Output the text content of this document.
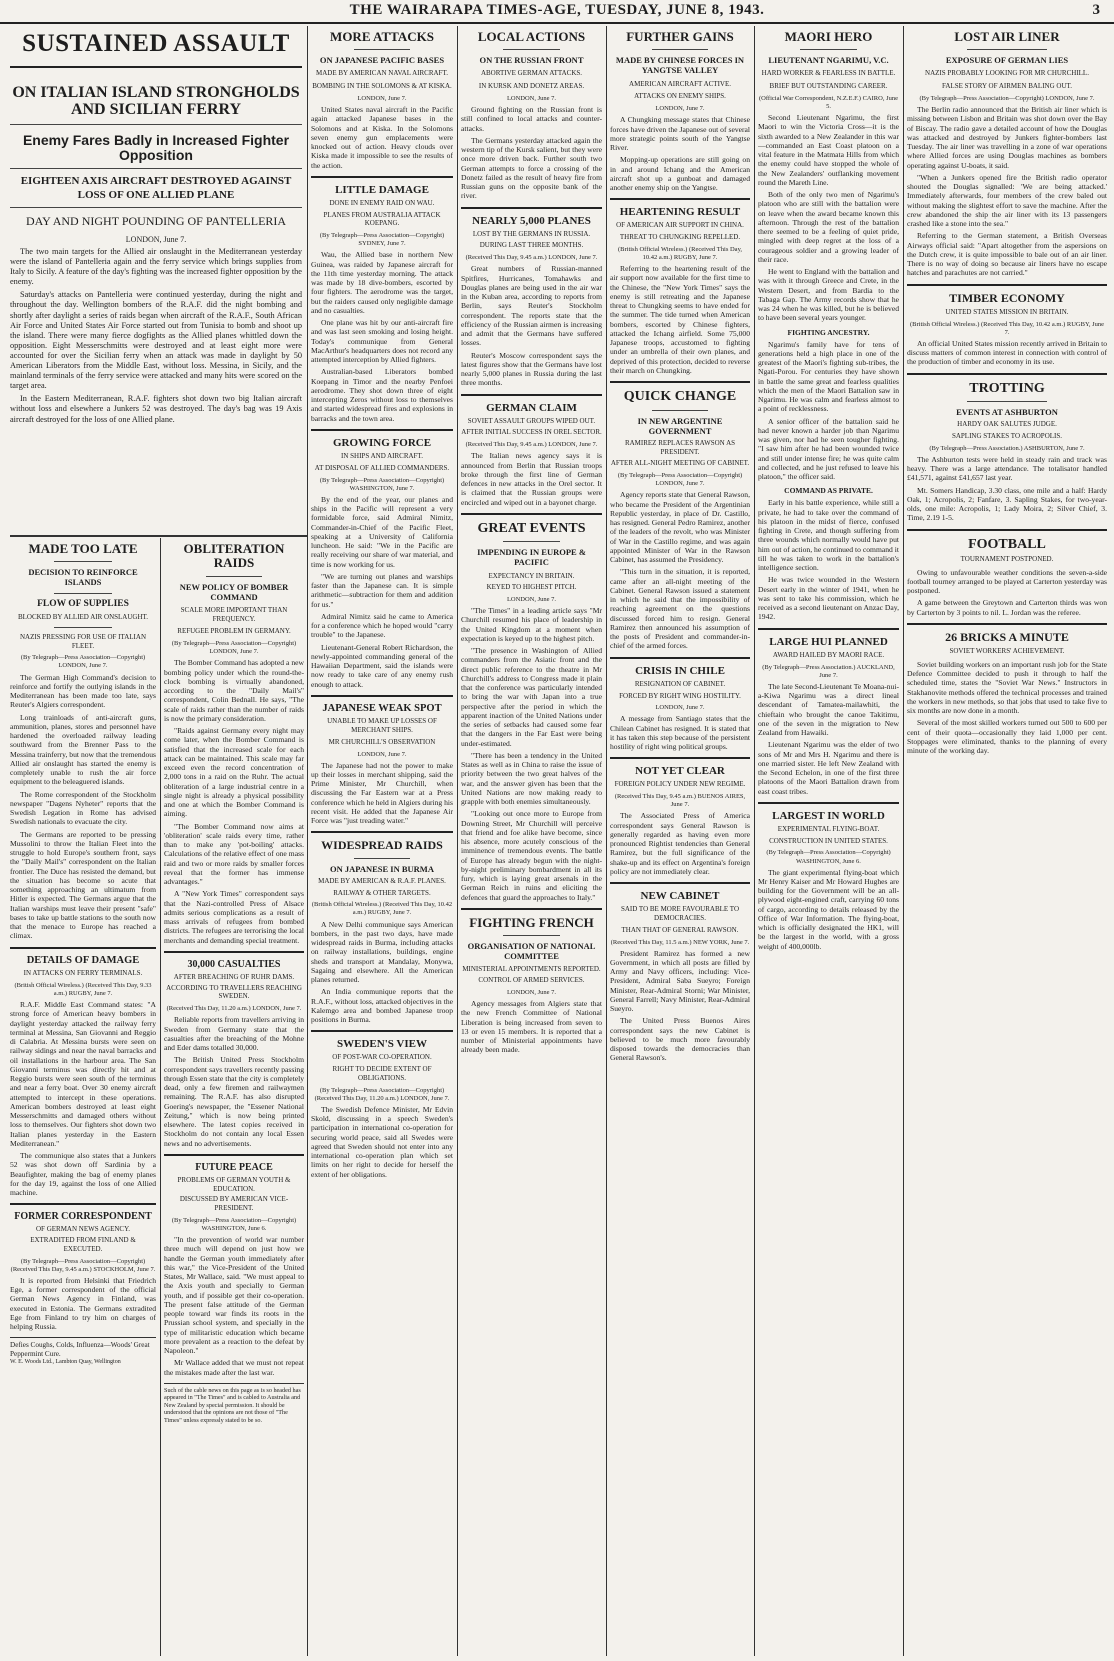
THE WAIRARAPA TIMES-AGE, TUESDAY, JUNE 8, 1943.	3
SUSTAINED ASSAULT
ON ITALIAN ISLAND STRONGHOLDS AND SICILIAN FERRY
Enemy Fares Badly in Increased Fighter Opposition
EIGHTEEN AXIS AIRCRAFT DESTROYED AGAINST LOSS OF ONE ALLIED PLANE
DAY AND NIGHT POUNDING OF PANTELLERIA
LONDON, June 7.

The two main targets for the Allied air onslaught in the Mediterranean yesterday were the island of Pantelleria again and the ferry service which brings supplies from Italy to Sicily. A feature of the day's fighting was the increased fighter opposition by the enemy.

Saturday's attacks on Pantelleria were continued yesterday, during the night and throughout the day. Wellington bombers of the R.A.F. did the night bombing and shortly after daylight a series of raids began when aircraft of the R.A.F., South African Air Force and United States Air Force started out from Tunisia to bomb and shoot up the island. There were many fierce dogfights as the Allied planes whittled down the opposition. Eight Messerschmitts were destroyed and at least eight more were accounted for over the Sicilian ferry when an attack was made in daylight by 50 American Liberators from the Middle East, without loss. Messina, in Sicily, and the mainland terminals of the ferry service were attacked and many hits were scored on the target area.

In the Eastern Mediterranean, R.A.F. fighters shot down two big Italian aircraft without loss and elsewhere a Junkers 52 was destroyed. The day's bag was 19 Axis aircraft destroyed for the loss of one Allied plane.

MADE TOO LATE
DECISION TO REINFORCE ISLANDS
FLOW OF SUPPLIES
BLOCKED BY ALLIED AIR ONSLAUGHT.
NAZIS PRESSING FOR USE OF ITALIAN FLEET.
(By Telegraph—Press Association—Copyright) LONDON, June 7.

The German High Command's decision to reinforce and fortify the outlying islands in the Mediterranean has been made too late, says Reuter's Algiers correspondent.

Long trainloads of anti-aircraft guns, ammunition, planes, stores and personnel have hardened the overloaded railway leading southward from the Brenner Pass to the Messina trainferry, but now that the tremendous Allied air onslaught has started the enemy is completely unable to rush the air force equipment to the beleaguered islands.

The Rome correspondent of the Stockholm newspaper "Dagens Nyheter" reports that the Swedish Legation in Rome has advised Swedish nationals to evacuate the city.

The Germans are reported to be pressing Mussolini to throw the Italian Fleet into the struggle to hold Europe's southern front, says the "Daily Mail's" correspondent on the Italian frontier. The Duce has resisted the demand, but the situation has become so acute that something approaching an ultimatum from Hitler is expected. The Germans argue that the Italian warships must leave their present "safe" bases to take up battle stations to the south now that the menace to Europe has reached a climax.

DETAILS OF DAMAGE
IN ATTACKS ON FERRY TERMINALS.
(British Official Wireless.) (Received This Day, 9.33 a.m.) RUGBY, June 7.

R.A.F. Middle East Command states: "A strong force of American heavy bombers in daylight yesterday attacked the railway ferry terminal at Messina, San Giovanni and Reggio di Calabria. At Messina bursts were seen on railway sidings and near the naval barracks and oil installations in the harbour area. The San Giovanni terminus was directly hit and at Reggio bursts were seen south of the terminus and near a ferry boat. Over 30 enemy aircraft attempted to intercept in these operations. American bombers destroyed at least eight Messerschmitts and damaged others without loss to themselves. Our fighters shot down two Italian planes yesterday in the Eastern Mediterranean."

The communique also states that a Junkers 52 was shot down off Sardinia by a Beaufighter, making the bag of enemy planes for the day 19, against the loss of one Allied machine.

FORMER CORRESPONDENT
OF GERMAN NEWS AGENCY.
EXTRADITED FROM FINLAND & EXECUTED.
(By Telegraph—Press Association—Copyright) (Received This Day, 9.45 a.m.) STOCKHOLM, June 7.

It is reported from Helsinki that Friedrich Ege, a former correspondent of the official German News Agency in Finland, was executed in Estonia. The Germans extradited Ege from Finland to try him on charges of helping Russia.

Defies Coughs, Colds, Influenza—Woods' Great Peppermint Cure.
W. E. Woods Ltd., Lambton Quay, Wellington
OBLITERATION RAIDS
NEW POLICY OF BOMBER COMMAND
SCALE MORE IMPORTANT THAN FREQUENCY.
REFUGEE PROBLEM IN GERMANY.
(By Telegraph—Press Association—Copyright) LONDON, June 7.

The Bomber Command has adopted a new bombing policy under which the round-the-clock bombing is virtually abandoned, according to the "Daily Mail's" correspondent, Colin Bednall. He says, "The scale of raids rather than the number of raids is now the primary consideration.

"Raids against Germany every night may come later, when the Bomber Command is satisfied that the increased scale for each attack can be maintained. This scale may far exceed even the record concentration of 2,000 tons in a raid on the Ruhr. The actual obliteration of a large industrial centre in a single night is already a physical possibility and one at which the Bomber Command is aiming.

"The Bomber Command now aims at 'obliteration' scale raids every time, rather than to make any 'pot-boiling' attacks. Calculations of the relative effect of one mass raid and two or more raids by smaller forces reveal that the former has immense advantages."

A "New York Times" correspondent says that the Nazi-controlled Press of Alsace admits serious complications as a result of mass arrivals of refugees from bombed districts. The refugees are terrorising the local merchants and demanding special treatment.

30,000 CASUALTIES
AFTER BREACHING OF RUHR DAMS.
ACCORDING TO TRAVELLERS REACHING SWEDEN.
(Received This Day, 11.20 a.m.) LONDON, June 7.

Reliable reports from travellers arriving in Sweden from Germany state that the casualties after the breaching of the Mohne and Eder dams totalled 30,000.

The British United Press Stockholm correspondent says travellers recently passing through Essen state that the city is completely dead, only a few firemen and railwaymen remaining. The R.A.F. has also disrupted Goering's newspaper, the "Essener National Zeitung," which is now being printed elsewhere. The latest copies received in Stockholm do not contain any local Essen news and no advertisements.

FUTURE PEACE
PROBLEMS OF GERMAN YOUTH & EDUCATION.
DISCUSSED BY AMERICAN VICE-PRESIDENT.
(By Telegraph—Press Association—Copyright) WASHINGTON, June 6.

"In the prevention of world war number three much will depend on just how we handle the German youth immediately after this war," the Vice-President of the United States, Mr Wallace, said. "We must appeal to the Axis youth and specially to German youth, and if possible get their co-operation. The present false attitude of the German people toward war finds its roots in the Prussian school system, and specially in the type of militaristic education which became more prevalent as a reaction to the defeat by Napoleon."

Mr Wallace added that we must not repeat the mistakes made after the last war.

Such of the cable news on this page as is so headed has appeared in "The Times" and is cabled to Australia and New Zealand by special permission. It should be understood that the opinions are not those of "The Times" unless expressly stated to be so.
MORE ATTACKS
ON JAPANESE PACIFIC BASES
MADE BY AMERICAN NAVAL AIRCRAFT.
BOMBING IN THE SOLOMONS & AT KISKA.
LONDON, June 7.

United States naval aircraft in the Pacific again attacked Japanese bases in the Solomons and at Kiska. In the Solomons seven enemy gun emplacements were knocked out of action. Heavy clouds over Kiska made it impossible to see the results of the action.

LITTLE DAMAGE
DONE IN ENEMY RAID ON WAU.
PLANES FROM AUSTRALIA ATTACK KOEPANG.
(By Telegraph—Press Association—Copyright) SYDNEY, June 7.

Wau, the Allied base in northern New Guinea, was raided by Japanese aircraft for the 11th time yesterday morning. The attack was made by 18 dive-bombers, escorted by four fighters. The aerodrome was the target, but the raiders caused only negligible damage and no casualties.

One plane was hit by our anti-aircraft fire and was last seen smoking and losing height. Today's communique from General MacArthur's headquarters does not record any attempted interception by Allied fighters.

Australian-based Liberators bombed Koepang in Timor and the nearby Penfoei aerodrome. They shot down three of eight intercepting Zeros without loss to themselves and started widespread fires and explosions in barracks and the town area.

GROWING FORCE
IN SHIPS AND AIRCRAFT.
AT DISPOSAL OF ALLIED COMMANDERS.
(By Telegraph—Press Association—Copyright) WASHINGTON, June 7.

By the end of the year, our planes and ships in the Pacific will represent a very formidable force, said Admiral Nimitz, Commander-in-Chief of the Pacific Fleet, speaking at a University of California luncheon. He said: "We in the Pacific are really receiving our share of war material, and time is now working for us.

"We are turning out planes and warships faster than the Japanese can. It is simple arithmetic—subtraction for them and addition for us."

Admiral Nimitz said he came to America for a conference which he hoped would "carry trouble" to the Japanese.

Lieutenant-General Robert Richardson, the newly-appointed commanding general of the Hawaiian Department, said the islands were now ready to take care of any enemy rush enough to attack.

JAPANESE WEAK SPOT
UNABLE TO MAKE UP LOSSES OF MERCHANT SHIPS.
MR CHURCHILL'S OBSERVATION
LONDON, June 7.

The Japanese had not the power to make up their losses in merchant shipping, said the Prime Minister, Mr Churchill, when discussing the Far Eastern war at a Press conference which he held in Algiers during his recent visit. He added that the Japanese Air Force was "just treading water."

WIDESPREAD RAIDS
ON JAPANESE IN BURMA
MADE BY AMERICAN & R.A.F. PLANES.
RAILWAY & OTHER TARGETS.
(British Official Wireless.) (Received This Day, 10.42 a.m.) RUGBY, June 7.

A New Delhi communique says American bombers, in the past two days, have made widespread raids in Burma, including attacks on railway installations, buildings, engine sheds and transport at Mandalay, Monywa, Sagaing and elsewhere. All the American planes returned.

An India communique reports that the R.A.F., without loss, attacked objectives in the Kalemgo area and bombed Japanese troop positions in Burma.

SWEDEN'S VIEW
OF POST-WAR CO-OPERATION.
RIGHT TO DECIDE EXTENT OF OBLIGATIONS.
(By Telegraph—Press Association—Copyright) (Received This Day, 11.20 a.m.) LONDON, June 7.

The Swedish Defence Minister, Mr Edvin Skold, discussing in a speech Sweden's participation in international co-operation for securing world peace, said all Swedes were agreed that Sweden should not enter into any international co-operation plan which set limits on her right to decide for herself the extent of her obligations.

LOCAL ACTIONS
ON THE RUSSIAN FRONT
ABORTIVE GERMAN ATTACKS.
IN KURSK AND DONETZ AREAS.
LONDON, June 7.

Ground fighting on the Russian front is still confined to local attacks and counter-attacks.

The Germans yesterday attacked again the western tip of the Kursk salient, but they were once more driven back. Further south two German attempts to force a crossing of the Donetz failed as the result of heavy fire from Russian guns on the opposite bank of the river.

NEARLY 5,000 PLANES
LOST BY THE GERMANS IN RUSSIA.
DURING LAST THREE MONTHS.
(Received This Day, 9.45 a.m.) LONDON, June 7.

Great numbers of Russian-manned Spitfires, Hurricanes, Tomahawks and Douglas planes are being used in the air war in the Kuban area, according to reports from Berlin, says Reuter's Stockholm correspondent. The reports state that the efficiency of the Russian airmen is increasing and admit that the Germans have suffered losses.

Reuter's Moscow correspondent says the latest figures show that the Germans have lost nearly 5,000 planes in Russia during the last three months.

GERMAN CLAIM
SOVIET ASSAULT GROUPS WIPED OUT.
AFTER INITIAL SUCCESS IN OREL SECTOR.
(Received This Day, 9.45 a.m.) LONDON, June 7.

The Italian news agency says it is announced from Berlin that Russian troops broke through the first line of German defences in new attacks in the Orel sector. It is claimed that the Russian groups were encircled and wiped out in a bayonet charge.

GREAT EVENTS
IMPENDING IN EUROPE & PACIFIC
EXPECTANCY IN BRITAIN.
KEYED TO HIGHEST PITCH.
LONDON, June 7.

"The Times" in a leading article says "Mr Churchill resumed his place of leadership in the United Kingdom at a moment when expectation is keyed up to the highest pitch.

"The presence in Washington of Allied commanders from the Asiatic front and the direct public reference to the theatre in Mr Churchill's address to Congress made it plain that the conference was particularly intended to bring the war with Japan into a true perspective after the period in which the apparent inaction of the United Nations under the series of setbacks had caused some fear that the dangers in the Far East were being under-estimated.

"There has been a tendency in the United States as well as in China to raise the issue of priority between the two great halves of the war, and the answer given has been that the United Nations are now making ready to grapple with both enemies simultaneously.

"Looking out once more to Europe from Downing Street, Mr Churchill will perceive that friend and foe alike have become, since his absence, more acutely conscious of the imminence of tremendous events. The battle of Europe has already begun with the night-by-night preliminary bombardment in all its fury, which is laying great arsenals in the German Reich in ruins and eliciting the defences that guard the approaches to Italy."

FIGHTING FRENCH
ORGANISATION OF NATIONAL COMMITTEE
MINISTERIAL APPOINTMENTS REPORTED.
CONTROL OF ARMED SERVICES.
LONDON, June 7.

Agency messages from Algiers state that the new French Committee of National Liberation is being increased from seven to 13 or even 15 members. It is reported that a number of Ministerial appointments have already been made.

FURTHER GAINS
MADE BY CHINESE FORCES IN YANGTSE VALLEY
AMERICAN AIRCRAFT ACTIVE.
ATTACKS ON ENEMY SHIPS.
LONDON, June 7.

A Chungking message states that Chinese forces have driven the Japanese out of several more strategic points south of the Yangtse River.

Mopping-up operations are still going on in and around Ichang and the American aircraft shot up a gunboat and damaged another enemy ship on the Yangtse.

HEARTENING RESULT
OF AMERICAN AIR SUPPORT IN CHINA.
THREAT TO CHUNGKING REPELLED.
(British Official Wireless.) (Received This Day, 10.42 a.m.) RUGBY, June 7.

Referring to the heartening result of the air support now available for the first time to the Chinese, the "New York Times" says the enemy is still retreating and the Japanese threat to Chungking seems to have ended for the summer. The tide turned when American bombers, escorted by Chinese fighters, attacked the Ichang airfield. Some 75,000 Japanese troops, accustomed to fighting under an umbrella of their own planes, and deprived of this protection, decided to reverse their march on Chungking.

QUICK CHANGE
IN NEW ARGENTINE GOVERNMENT
RAMIREZ REPLACES RAWSON AS PRESIDENT.
AFTER ALL-NIGHT MEETING OF CABINET.
(By Telegraph—Press Association—Copyright) LONDON, June 7.

Agency reports state that General Rawson, who became the President of the Argentinian Republic yesterday, in place of Dr. Castillo, has resigned. General Pedro Ramirez, another of the leaders of the revolt, who was Minister of War in the Castillo regime, and was again appointed Minister of War in the Rawson Cabinet, has assumed the Presidency.

"This turn in the situation, it is reported, came after an all-night meeting of the Cabinet. General Rawson issued a statement in which he said that the impossibility of reaching agreement on the questions discussed forced him to resign. General Ramirez then announced his assumption of the posts of President and commander-in-chief of the armed forces.

CRISIS IN CHILE
RESIGNATION OF CABINET.
FORCED BY RIGHT WING HOSTILITY.
LONDON, June 7.

A message from Santiago states that the Chilean Cabinet has resigned. It is stated that it has taken this step because of the persistent hostility of right wing political groups.

NOT YET CLEAR
FOREIGN POLICY UNDER NEW REGIME.
(Received This Day, 9.45 a.m.) BUENOS AIRES, June 7.

The Associated Press of America correspondent says General Rawson is generally regarded as having even more pronounced Rightist tendencies than General Ramirez, but the full significance of the shake-up and its effect on Argentina's foreign policy are not immediately clear.

NEW CABINET
SAID TO BE MORE FAVOURABLE TO DEMOCRACIES.
THAN THAT OF GENERAL RAWSON.
(Received This Day, 11.5 a.m.) NEW YORK, June 7.

President Ramirez has formed a new Government, in which all posts are filled by Army and Navy officers, including: Vice-President, Admiral Saba Sueyro; Foreign Minister, Rear-Admiral Storni; War Minister, General Farrell; Navy Minister, Rear-Admiral Sueyro.

The United Press Buenos Aires correspondent says the new Cabinet is believed to be much more favourably disposed towards the democracies than General Rawson's.

MAORI HERO
LIEUTENANT NGARIMU, V.C.
HARD WORKER & FEARLESS IN BATTLE.
BRIEF BUT OUTSTANDING CAREER.
(Official War Correspondent, N.Z.E.F.) CAIRO, June 5.

Second Lieutenant Ngarimu, the first Maori to win the Victoria Cross—it is the sixth awarded to a New Zealander in this war—commanded an East Coast platoon on a vital feature in the Matmata Hills from which the enemy could have stopped the whole of the New Zealanders' outflanking movement round the Mareth Line.

Both of the only two men of Ngarimu's platoon who are still with the battalion were on leave when the award became known this afternoon. Through the rest of the battalion there seemed to be a feeling of quiet pride, mingled with deep regret at the loss of a courageous soldier and a growing leader of their race.

He went to England with the battalion and was with it through Greece and Crete, in the Western Desert, and from Bardia to the Tabaga Gap. The Army records show that he was 24 when he was killed, but he is believed to have been several years younger.

FIGHTING ANCESTRY.

Ngarimu's family have for tens of generations held a high place in one of the greatest of the Maori's fighting sub-tribes, the Ngati-Porou. For centuries they have shown in battle the same great and fearless qualities which the men of the Maori Battalion saw in Ngarimu. He was calm and fearless almost to a point of recklessness.

A senior officer of the battalion said he had never known a harder job than Ngarimu was given, nor had he seen tougher fighting. "I saw him after he had been wounded twice and still under intense fire; he was quite calm and collected, and he just refused to leave his platoon," the officer said.

COMMAND AS PRIVATE.

Early in his battle experience, while still a private, he had to take over the command of his platoon in the midst of fierce, confused fighting in Crete, and though suffering from three wounds which normally would have put him out of action, he continued to command it till he was taken to work in the battalion's intelligence section.

He was twice wounded in the Western Desert early in the winter of 1941, when he was sent to take his commission, which he received as a second lieutenant on Anzac Day, 1942.

LARGE HUI PLANNED
AWARD HAILED BY MAORI RACE.
(By Telegraph—Press Association.) AUCKLAND, June 7.

The late Second-Lieutenant Te Moana-nui-a-Kiwa Ngarimu was a direct lineal descendant of Tamatea-mailawhiti, the chieftain who brought the canoe Takitimu, one of the seven in the migration to New Zealand from Hawaiki.

Lieutenant Ngarimu was the elder of two sons of Mr and Mrs H. Ngarimu and there is one married sister. He left New Zealand with the Second Echelon, in one of the first three platoons of the Maori Battalion drawn from east coast tribes.

LARGEST IN WORLD
EXPERIMENTAL FLYING-BOAT.
CONSTRUCTION IN UNITED STATES.
(By Telegraph—Press Association—Copyright) WASHINGTON, June 6.

The giant experimental flying-boat which Mr Henry Kaiser and Mr Howard Hughes are building for the Government will be an all-plywood eight-engined craft, carrying 60 tons of cargo, according to details released by the Office of War Information. The flying-boat, which is officially designated the HK1, will be the largest in the world, with a gross weight of 400,000lb.

LOST AIR LINER
EXPOSURE OF GERMAN LIES
NAZIS PROBABLY LOOKING FOR MR CHURCHILL.
FALSE STORY OF AIRMEN BALING OUT.
(By Telegraph—Press Association—Copyright) LONDON, June 7.

The Berlin radio announced that the British air liner which is missing between Lisbon and Britain was shot down over the Bay of Biscay. The radio gave a detailed account of how the Douglas was attacked and destroyed by Junkers fighter-bombers last Tuesday. The air liner was travelling in a zone of war operations where Allied forces are using Douglas machines as bombers operating against U-boats, it said.

"When a Junkers opened fire the British radio operator shouted the Douglas signalled: 'We are being attacked.' Immediately afterwards, four members of the crew baled out without making the slightest effort to save the machine. After the crew abandoned the ship the air liner with its 13 passengers crashed like a stone into the sea."

Referring to the German statement, a British Overseas Airways official said: "Apart altogether from the aspersions on the Dutch crew, it is quite impossible to bale out of an air liner. There is no way of doing so because air liners have no escape hatches and parachutes are not carried."

TIMBER ECONOMY
UNITED STATES MISSION IN BRITAIN.
(British Official Wireless.) (Received This Day, 10.42 a.m.) RUGBY, June 7.

An official United States mission recently arrived in Britain to discuss matters of common interest in connection with control of the production of timber and economy in its use.

TROTTING
EVENTS AT ASHBURTON
HARDY OAK SALUTES JUDGE.
SAPLING STAKES TO ACROPOLIS.
(By Telegraph—Press Association.) ASHBURTON, June 7.

The Ashburton tests were held in steady rain and track was heavy. There was a large attendance. The totalisator handled £41,571, against £41,657 last year.

Mt. Somers Handicap, 3.30 class, one mile and a half: Hardy Oak, 1; Acropolis, 2; Fanfare, 3. Sapling Stakes, for two-year-olds, one mile: Acropolis, 1; Lady Moira, 2; Silver Chief, 3. Time, 2.19 1-5.

FOOTBALL
TOURNAMENT POSTPONED.

Owing to unfavourable weather conditions the seven-a-side football tourney arranged to be played at Carterton yesterday was postponed.

A game between the Greytown and Carterton thirds was won by Carterton by 3 points to nil. L. Jordan was the referee.

26 BRICKS A MINUTE
SOVIET WORKERS' ACHIEVEMENT.

Soviet building workers on an important rush job for the State Defence Committee decided to push it through to half the scheduled time, states the "Soviet War News." Instructors in Stakhanovite methods offered the technical processes and trained the workers in new methods, so that jobs that used to take five to six months are now done in a month.

Several of the most skilled workers turned out 500 to 600 per cent of their quota—occasionally they laid 1,000 per cent. Stoppages were eliminated, thanks to the planning of every minute of the working day.
